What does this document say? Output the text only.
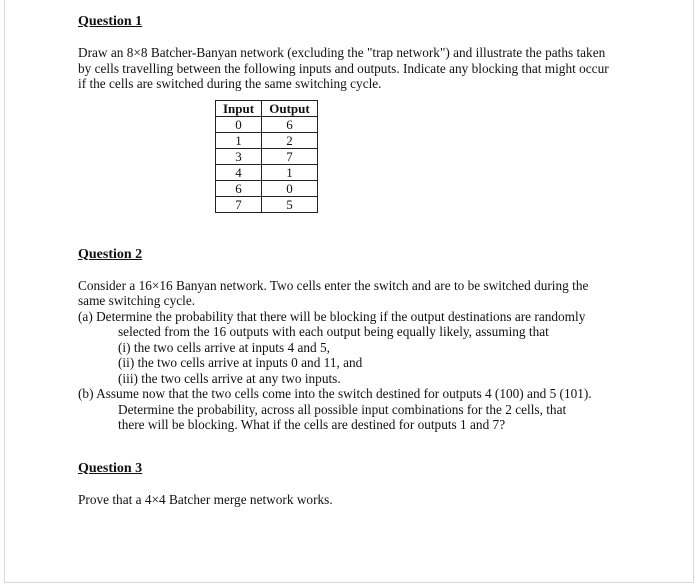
Question 1

Draw an 8×8 Batcher-Banyan network (excluding the "trap network") and illustrate the paths taken

by cells travelling between the following inputs and outputs. Indicate any blocking that might occur

if the cells are switched during the same switching cycle.

Input	Output
0	6
1	2
3	7
4	1
6	0
7	5
Question 2

Consider a 16×16 Banyan network. Two cells enter the switch and are to be switched during the

same switching cycle.

(a) Determine the probability that there will be blocking if the output destinations are randomly

selected from the 16 outputs with each output being equally likely, assuming that

(i) the two cells arrive at inputs 4 and 5,

(ii) the two cells arrive at inputs 0 and 11, and

(iii) the two cells arrive at any two inputs.

(b) Assume now that the two cells come into the switch destined for outputs 4 (100) and 5 (101).

Determine the probability, across all possible input combinations for the 2 cells, that

there will be blocking. What if the cells are destined for outputs 1 and 7?

Question 3

Prove that a 4×4 Batcher merge network works.
